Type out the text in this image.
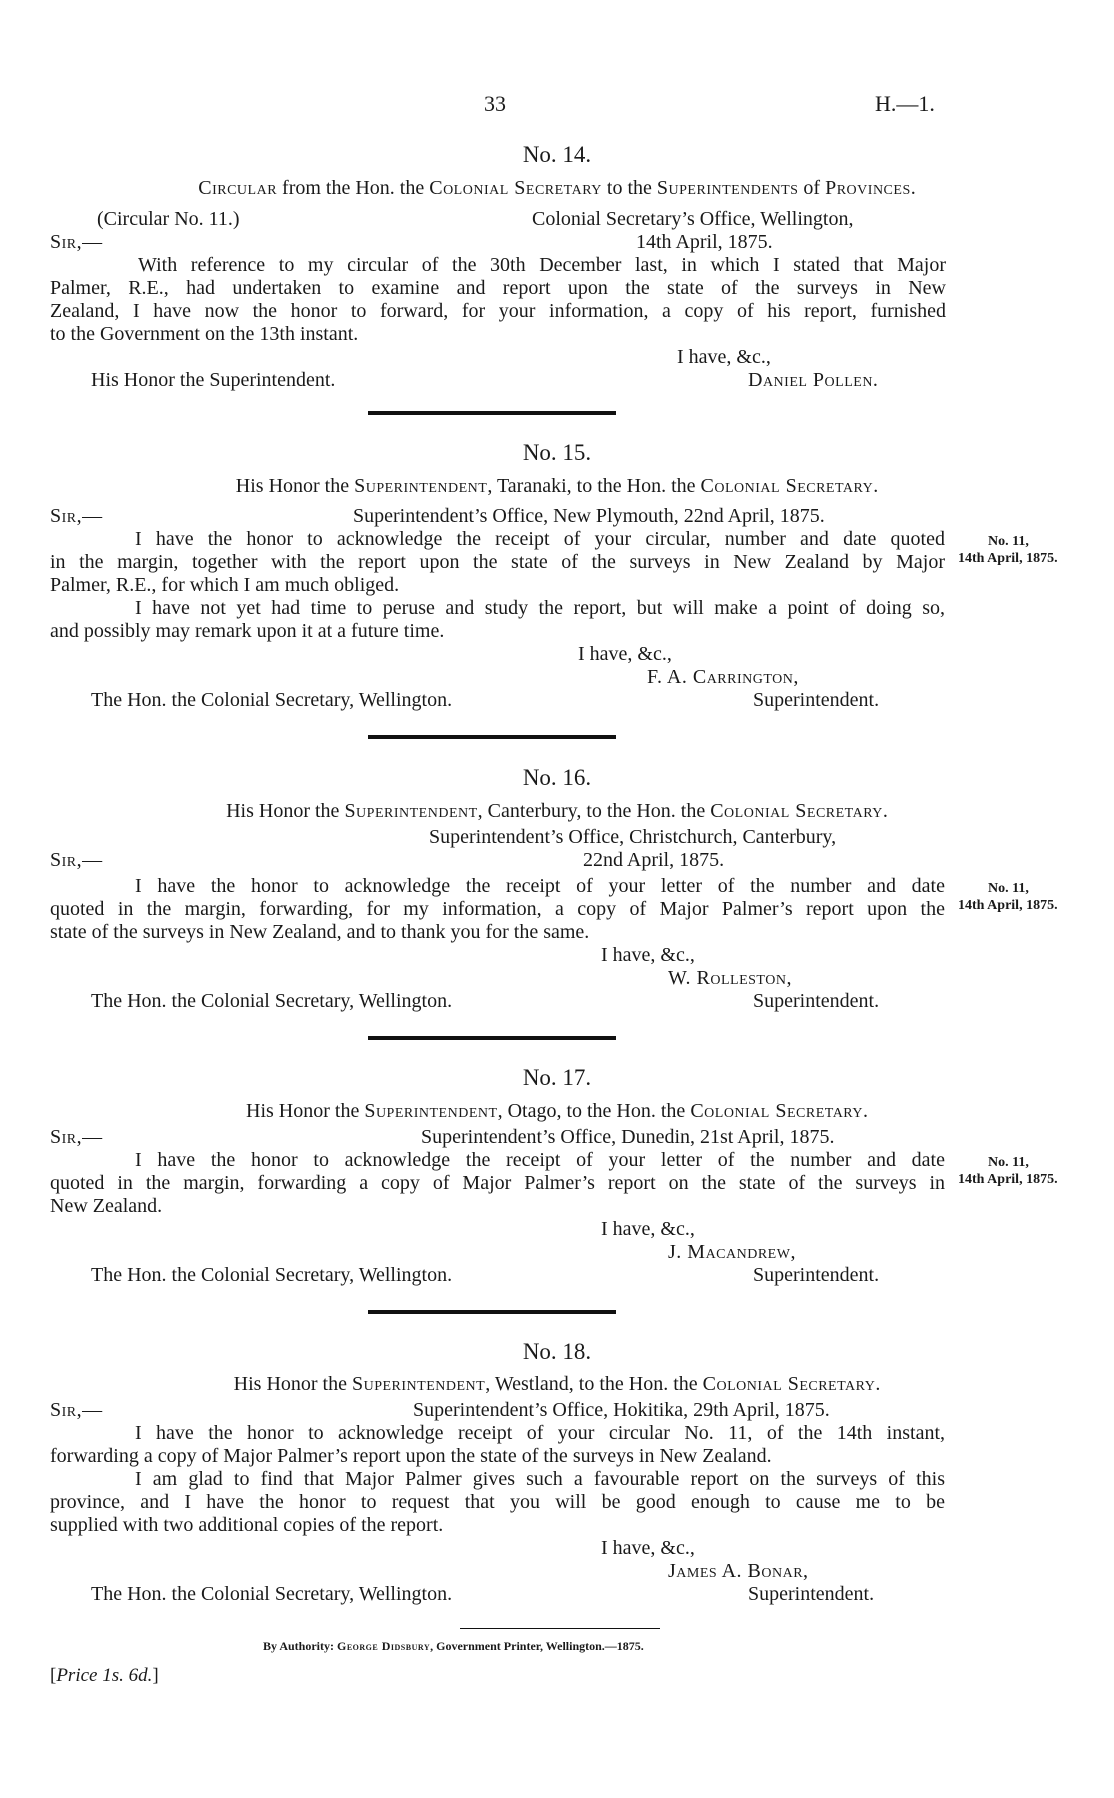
33	H.—1.
No. 14.
Circular from the Hon. the Colonial Secretary to the Superintendents of Provinces.
(Circular No. 11.)	Colonial Secretary’s Office, Wellington,
Sir,—	14th April, 1875.
With reference to my circular of the 30th December last, in which I stated that Major
Palmer, R.E., had undertaken to examine and report upon the state of the surveys in New
Zealand, I have now the honor to forward, for your information, a copy of his report, furnished
to the Government on the 13th instant.
I have, &c.,
His Honor the Superintendent.	Daniel Pollen.
No. 15.
His Honor the Superintendent, Taranaki, to the Hon. the Colonial Secretary.
Sir,—	Superintendent’s Office, New Plymouth, 22nd April, 1875.
I have the honor to acknowledge the receipt of your circular, number and date quoted
in the margin, together with the report upon the state of the surveys in New Zealand by Major
Palmer, R.E., for which I am much obliged.
I have not yet had time to peruse and study the report, but will make a point of doing so,
and possibly may remark upon it at a future time.
No. 11,
14th April, 1875.
I have, &c.,
F. A. Carrington,
The Hon. the Colonial Secretary, Wellington.	Superintendent.
No. 16.
His Honor the Superintendent, Canterbury, to the Hon. the Colonial Secretary.
Superintendent’s Office, Christchurch, Canterbury,
Sir,—	22nd April, 1875.
I have the honor to acknowledge the receipt of your letter of the number and date
quoted in the margin, forwarding, for my information, a copy of Major Palmer’s report upon the
state of the surveys in New Zealand, and to thank you for the same.
No. 11,
14th April, 1875.
I have, &c.,
W. Rolleston,
The Hon. the Colonial Secretary, Wellington.	Superintendent.
No. 17.
His Honor the Superintendent, Otago, to the Hon. the Colonial Secretary.
Sir,—	Superintendent’s Office, Dunedin, 21st April, 1875.
I have the honor to acknowledge the receipt of your letter of the number and date
quoted in the margin, forwarding a copy of Major Palmer’s report on the state of the surveys in
New Zealand.
No. 11,
14th April, 1875.
I have, &c.,
J. Macandrew,
The Hon. the Colonial Secretary, Wellington.	Superintendent.
No. 18.
His Honor the Superintendent, Westland, to the Hon. the Colonial Secretary.
Sir,—	Superintendent’s Office, Hokitika, 29th April, 1875.
I have the honor to acknowledge receipt of your circular No. 11, of the 14th instant,
forwarding a copy of Major Palmer’s report upon the state of the surveys in New Zealand.
I am glad to find that Major Palmer gives such a favourable report on the surveys of this
province, and I have the honor to request that you will be good enough to cause me to be
supplied with two additional copies of the report.
I have, &c.,
James A. Bonar,
The Hon. the Colonial Secretary, Wellington.	Superintendent.
By Authority: George Didsbury, Government Printer, Wellington.—1875.
[Price 1s. 6d.]
